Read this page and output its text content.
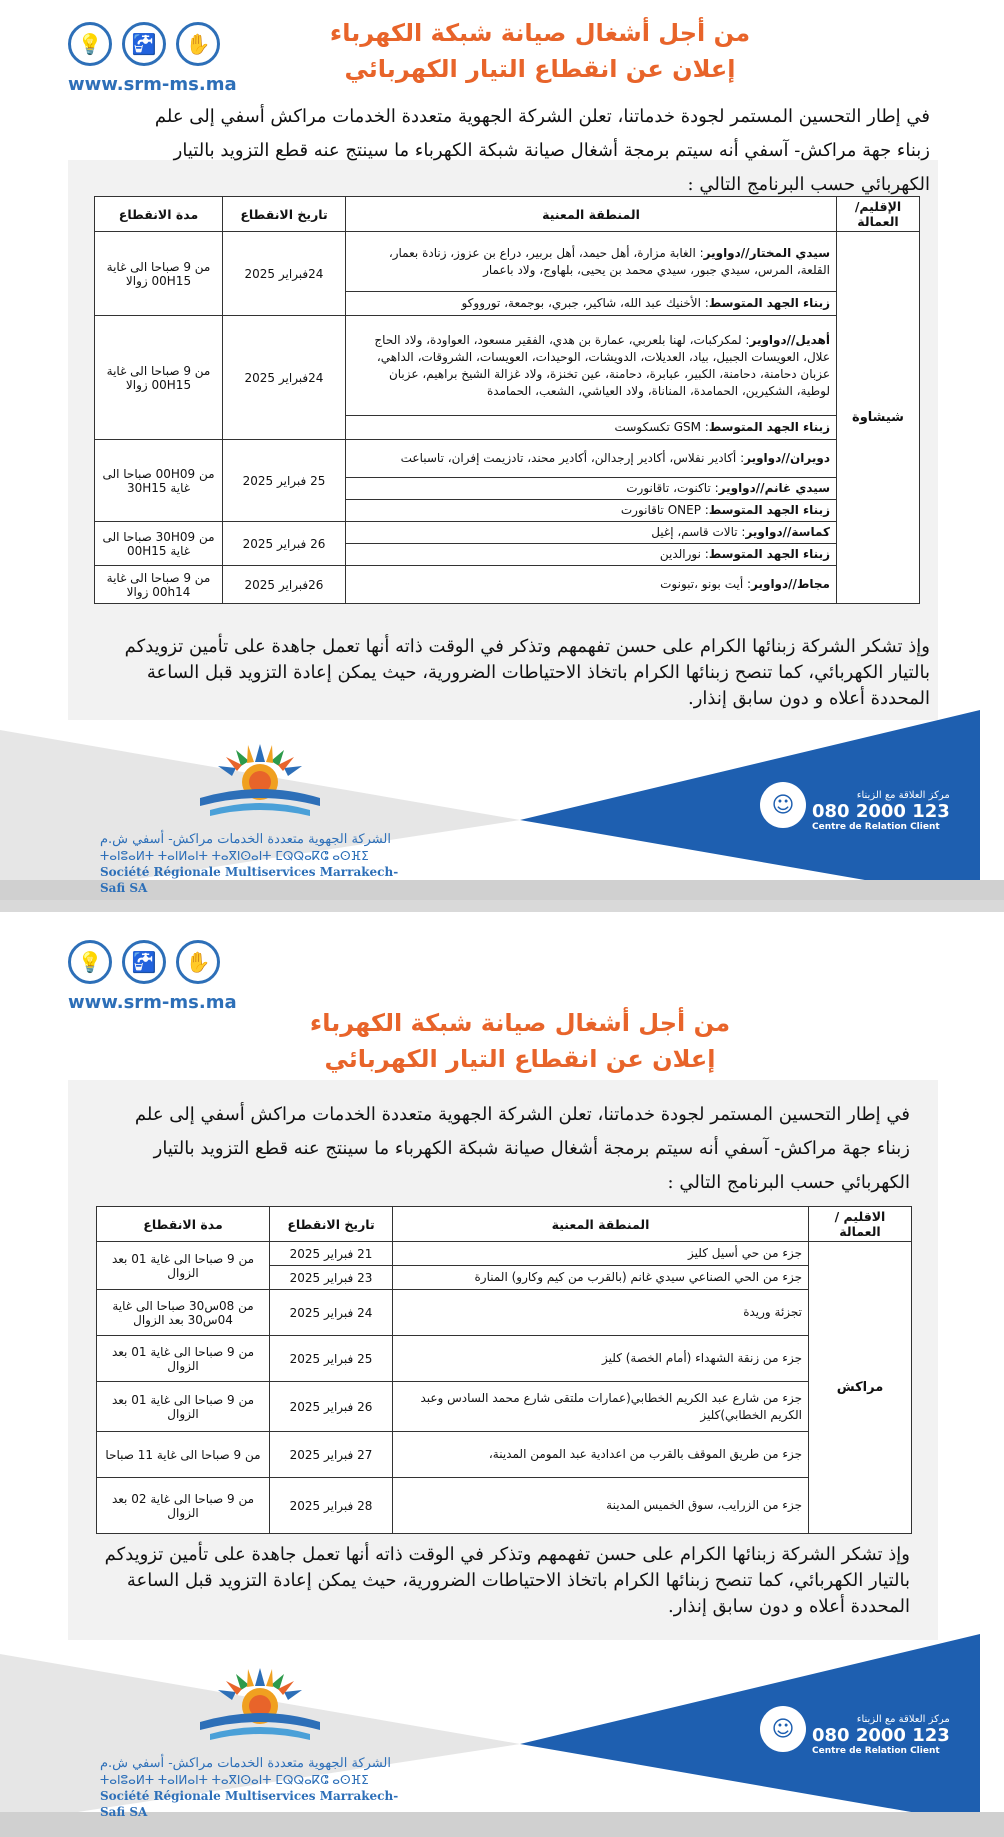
💡	🚰	✋
www.srm-ms.ma
من أجل أشغال صيانة شبكة الكهرباء
إعلان عن انقطاع التيار الكهربائي
في إطار التحسين المستمر لجودة خدماتنا، تعلن الشركة الجهوية متعددة الخدمات مراكش أسفي إلى علم زبناء جهة مراكش- آسفي أنه سيتم برمجة أشغال صيانة شبكة الكهرباء ما سينتج عنه قطع التزويد بالتيار الكهربائي حسب البرنامج التالي :
الإقليم/العمالة	المنطقة المعنية	تاريخ الانقطاع	مدة الانقطاع
شيشاوة	سيدي المختار//دواوير: الغابة مزارة، أهل حيمد، أهل بربير، دراع بن عزوز، زنادة بعمار، القلعة، المرس، سيدي جبور، سيدي محمد بن يحيى، بلهاوج، ولاد باعمار	24فبراير 2025	من 9 صباحا الى غاية 00H15 زوالا
	زبناء الجهد المتوسط: الأخنيك عبد الله، شاكير، جبري، بوجمعة، تورووكو		
	أهديل//دواوير: لمكركبات، لهنا بلعربي، عمارة بن هدي، الفقير مسعود، العواودة، ولاد الحاج علال، العويسات الجبيل، بياد، العديلات، الدويشات، الوحيدات، العويسات، الشروقات، الداهي، عزبان دحامنة، دحامنة، الكبير، عبابرة، دحامنة، عين تخنزة، ولاد غزالة الشيخ براهيم، عزبان لوطية، الشكيرين، الحمامدة، المناناة، ولاد العياشي، الشعب، الحمامدة	24فبراير 2025	من 9 صباحا الى غاية 00H15 زوالا
	زبناء الجهد المتوسط: GSM تكسكوست		
	دويران//دواوير: أكادير نفلاس، أكادير إرجدالن، أكادير محند، تادزيمت إفران، تاسباعت	25 فبراير 2025	من 00H09 صباحا الى غاية 30H15
	سيدي غانم//دواوير: تاكنوت، تاقانورت		
	زبناء الجهد المتوسط: ONEP تاقانورت		
	كماسة//دواوير: تالات قاسم، إغيل	26 فبراير 2025	من 30H09 صباحا الى غاية 00H15
	زبناء الجهد المتوسط: نورالدين		
	مجاط//دواوير: أيت بونو ،تبونوت	26فبراير 2025	من 9 صباحا الى غاية 00h14 زوالا
وإذ تشكر الشركة زبنائها الكرام على حسن تفهمهم وتذكر في الوقت ذاته أنها تعمل جاهدة على تأمين تزويدكم بالتيار الكهربائي، كما تنصح زبنائها الكرام باتخاذ الاحتياطات الضرورية، حيث يمكن إعادة التزويد قبل الساعة المحددة أعلاه و دون سابق إنذار.
الشركة الجهوية متعددة الخدمات مراكش- أسفي ش.م
ⵜⴰⵏⵓⴰⵍⵜ ⵜⴰⵏⵍⴰⵏⵜ ⵜⴰⴳⵏⵙⴰⵏⵜ ⵎⵕⵕⴰⴽⵛ ⴰⵙⴼⵉ
Société Régionale Multiservices Marrakech-Safi SA
☺	مركز العلاقة مع الزبناء
080 2000 123
Centre de Relation Client
💡	🚰	✋
www.srm-ms.ma
من أجل أشغال صيانة شبكة الكهرباء
إعلان عن انقطاع التيار الكهربائي
في إطار التحسين المستمر لجودة خدماتنا، تعلن الشركة الجهوية متعددة الخدمات مراكش أسفي إلى علم زبناء جهة مراكش- آسفي أنه سيتم برمجة أشغال صيانة شبكة الكهرباء ما سينتج عنه قطع التزويد بالتيار الكهربائي حسب البرنامج التالي :
الاقليم / العمالة	المنطقة المعنية	تاريخ الانقطاع	مدة الانقطاع
مراكش	جزء من حي أسيل كليز	21 فبراير 2025	من 9 صباحا الى غاية 01 بعد الزوال
	جزء من الحي الصناعي سيدي غانم (بالقرب من كيم وكارو) المنارة	23 فبراير 2025	
	تجزئة وريدة	24 فبراير 2025	من 08س30 صباحا الى غاية 04س30 بعد الزوال
	جزء من زنقة الشهداء (أمام الخصة) كليز	25 فبراير 2025	من 9 صباحا الى غاية 01 بعد الزوال
	جزء من شارع عبد الكريم الخطابي(عمارات ملتقى شارع محمد السادس وعبد الكريم الخطابي)كليز	26 فبراير 2025	من 9 صباحا الى غاية 01 بعد الزوال
	جزء من طريق الموقف بالقرب من اعدادية عبد المومن المدينة،	27 فبراير 2025	من 9 صباحا الى غاية 11 صباحا
	جزء من الزرايب، سوق الخميس المدينة	28 فبراير 2025	من 9 صباحا الى غاية 02 بعد الزوال
وإذ تشكر الشركة زبنائها الكرام على حسن تفهمهم وتذكر في الوقت ذاته أنها تعمل جاهدة على تأمين تزويدكم بالتيار الكهربائي، كما تنصح زبنائها الكرام باتخاذ الاحتياطات الضرورية، حيث يمكن إعادة التزويد قبل الساعة المحددة أعلاه و دون سابق إنذار.
الشركة الجهوية متعددة الخدمات مراكش- أسفي ش.م
ⵜⴰⵏⵓⴰⵍⵜ ⵜⴰⵏⵍⴰⵏⵜ ⵜⴰⴳⵏⵙⴰⵏⵜ ⵎⵕⵕⴰⴽⵛ ⴰⵙⴼⵉ
Société Régionale Multiservices Marrakech-Safi SA
☺	مركز العلاقة مع الزبناء
080 2000 123
Centre de Relation Client
